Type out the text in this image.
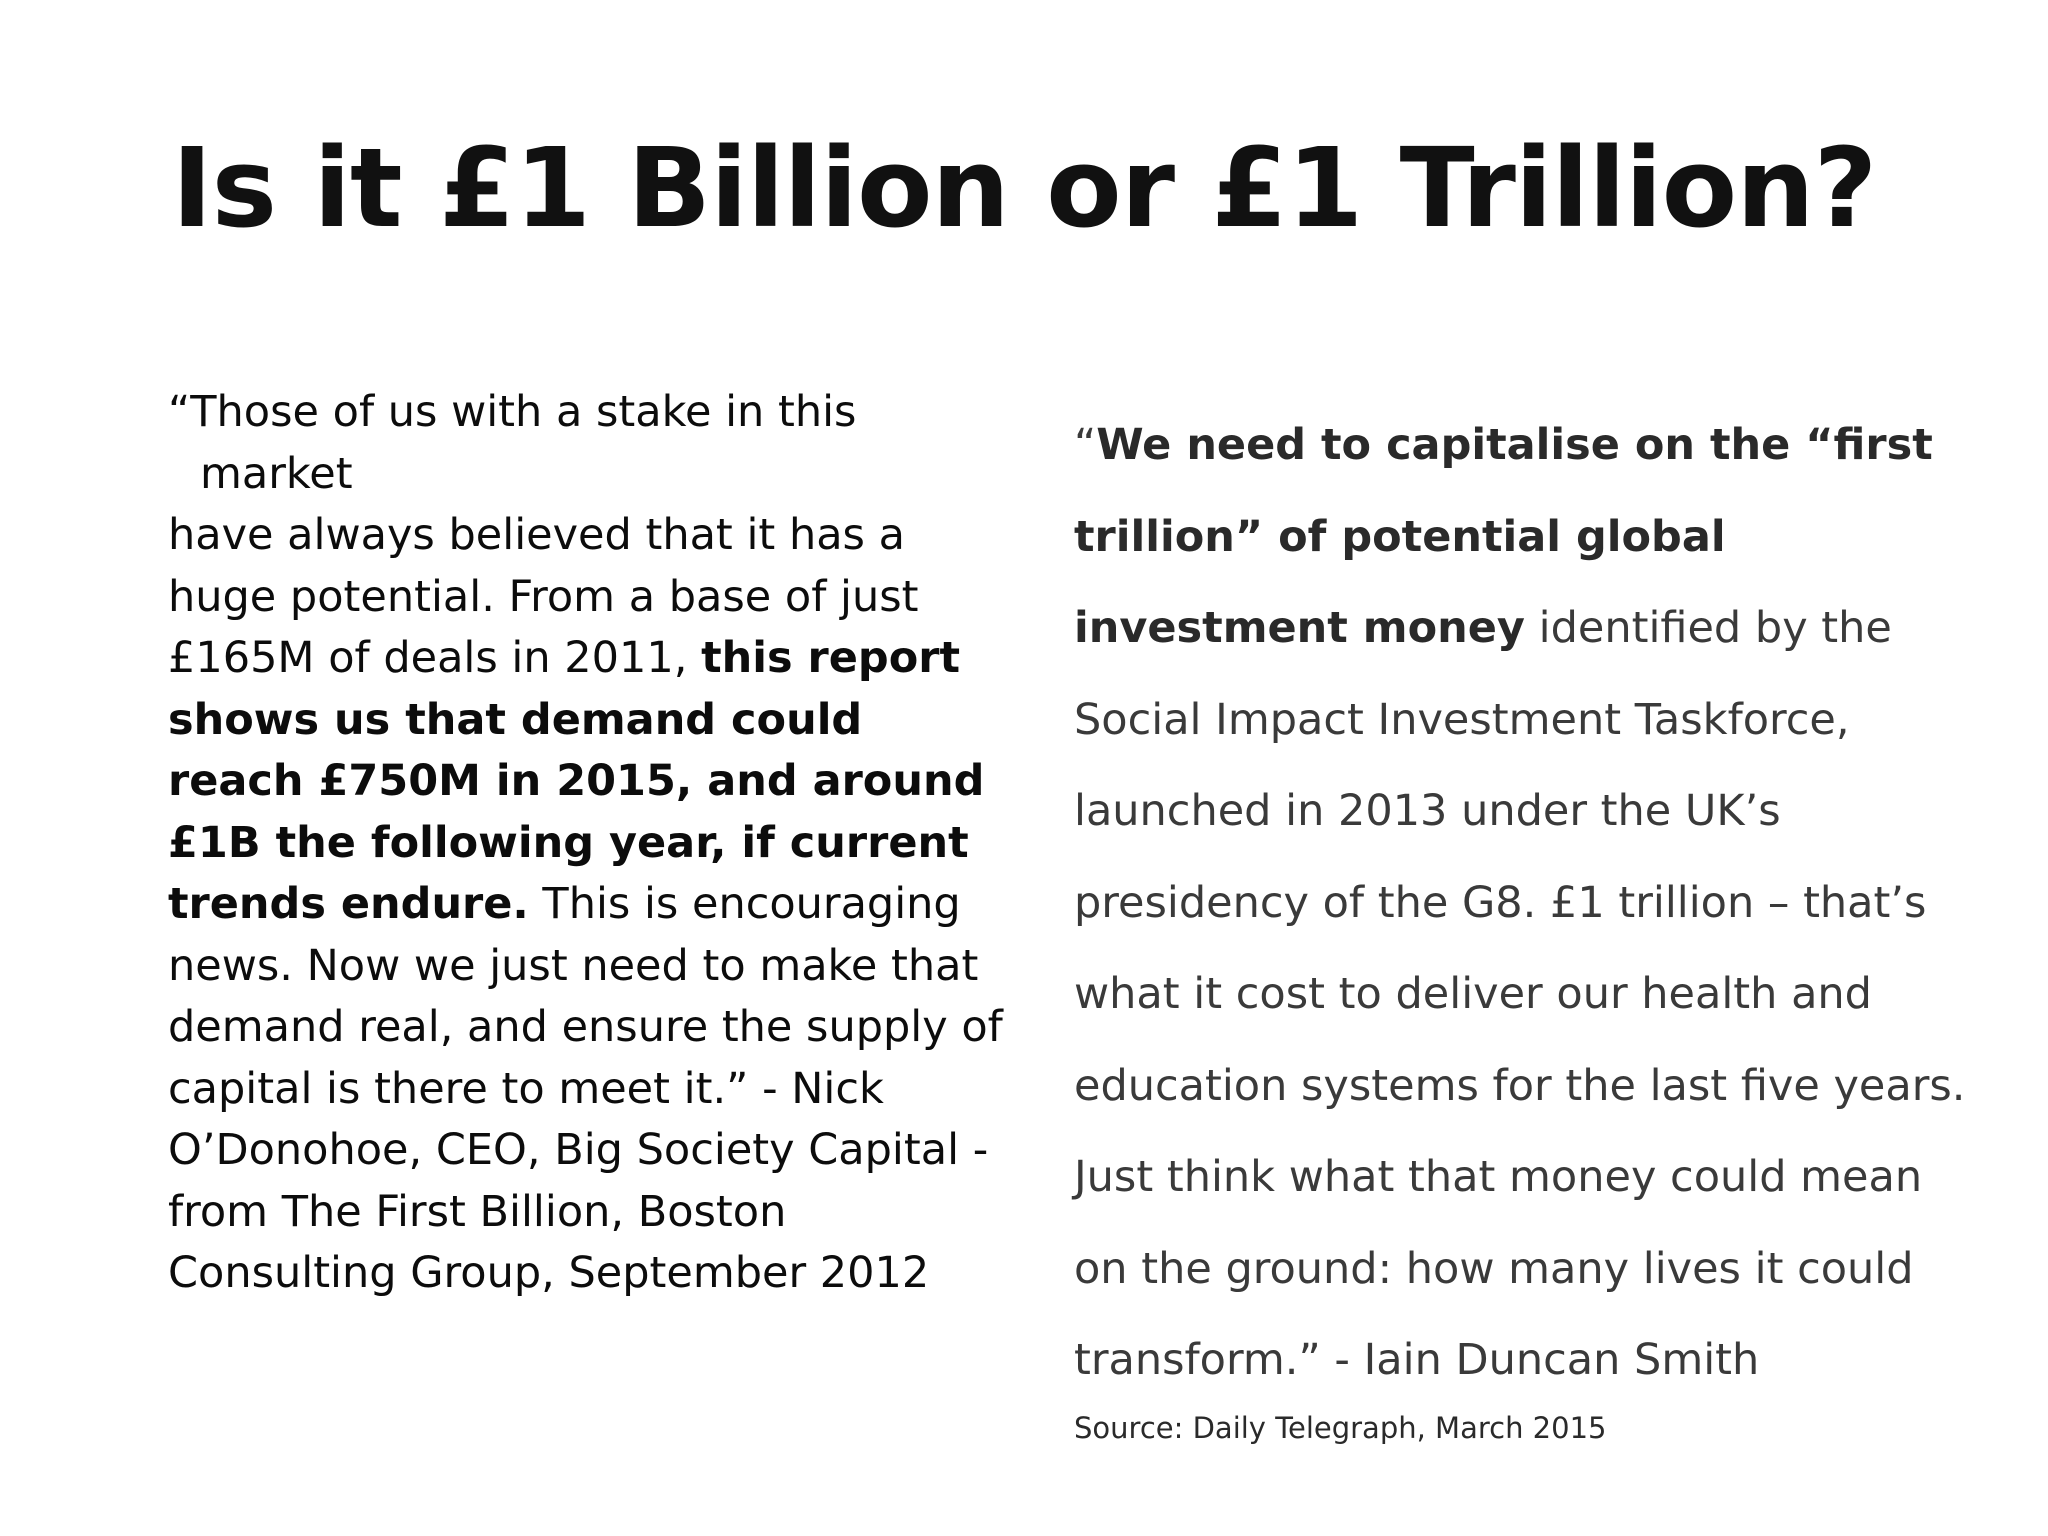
Is it £1 Billion or £1 Trillion?
“Those of us with a stake in this market
have always believed that it has a huge potential. From a base of just £165M of deals in 2011, this report shows us that demand could reach £750M in 2015, and around £1B the following year, if current trends endure. This is encouraging news. Now we just need to make that demand real, and ensure the supply of capital is there to meet it.” - Nick O’Donohoe, CEO, Big Society Capital - from The First Billion, Boston Consulting Group, September 2012
“We need to capitalise on the “first trillion” of potential global investment money identified by the Social Impact Investment Taskforce, launched in 2013 under the UK’s presidency of the G8. £1 trillion – that’s what it cost to deliver our health and education systems for the last five years. Just think what that money could mean on the ground: how many lives it could transform.” - Iain Duncan Smith
Source: Daily Telegraph, March 2015
